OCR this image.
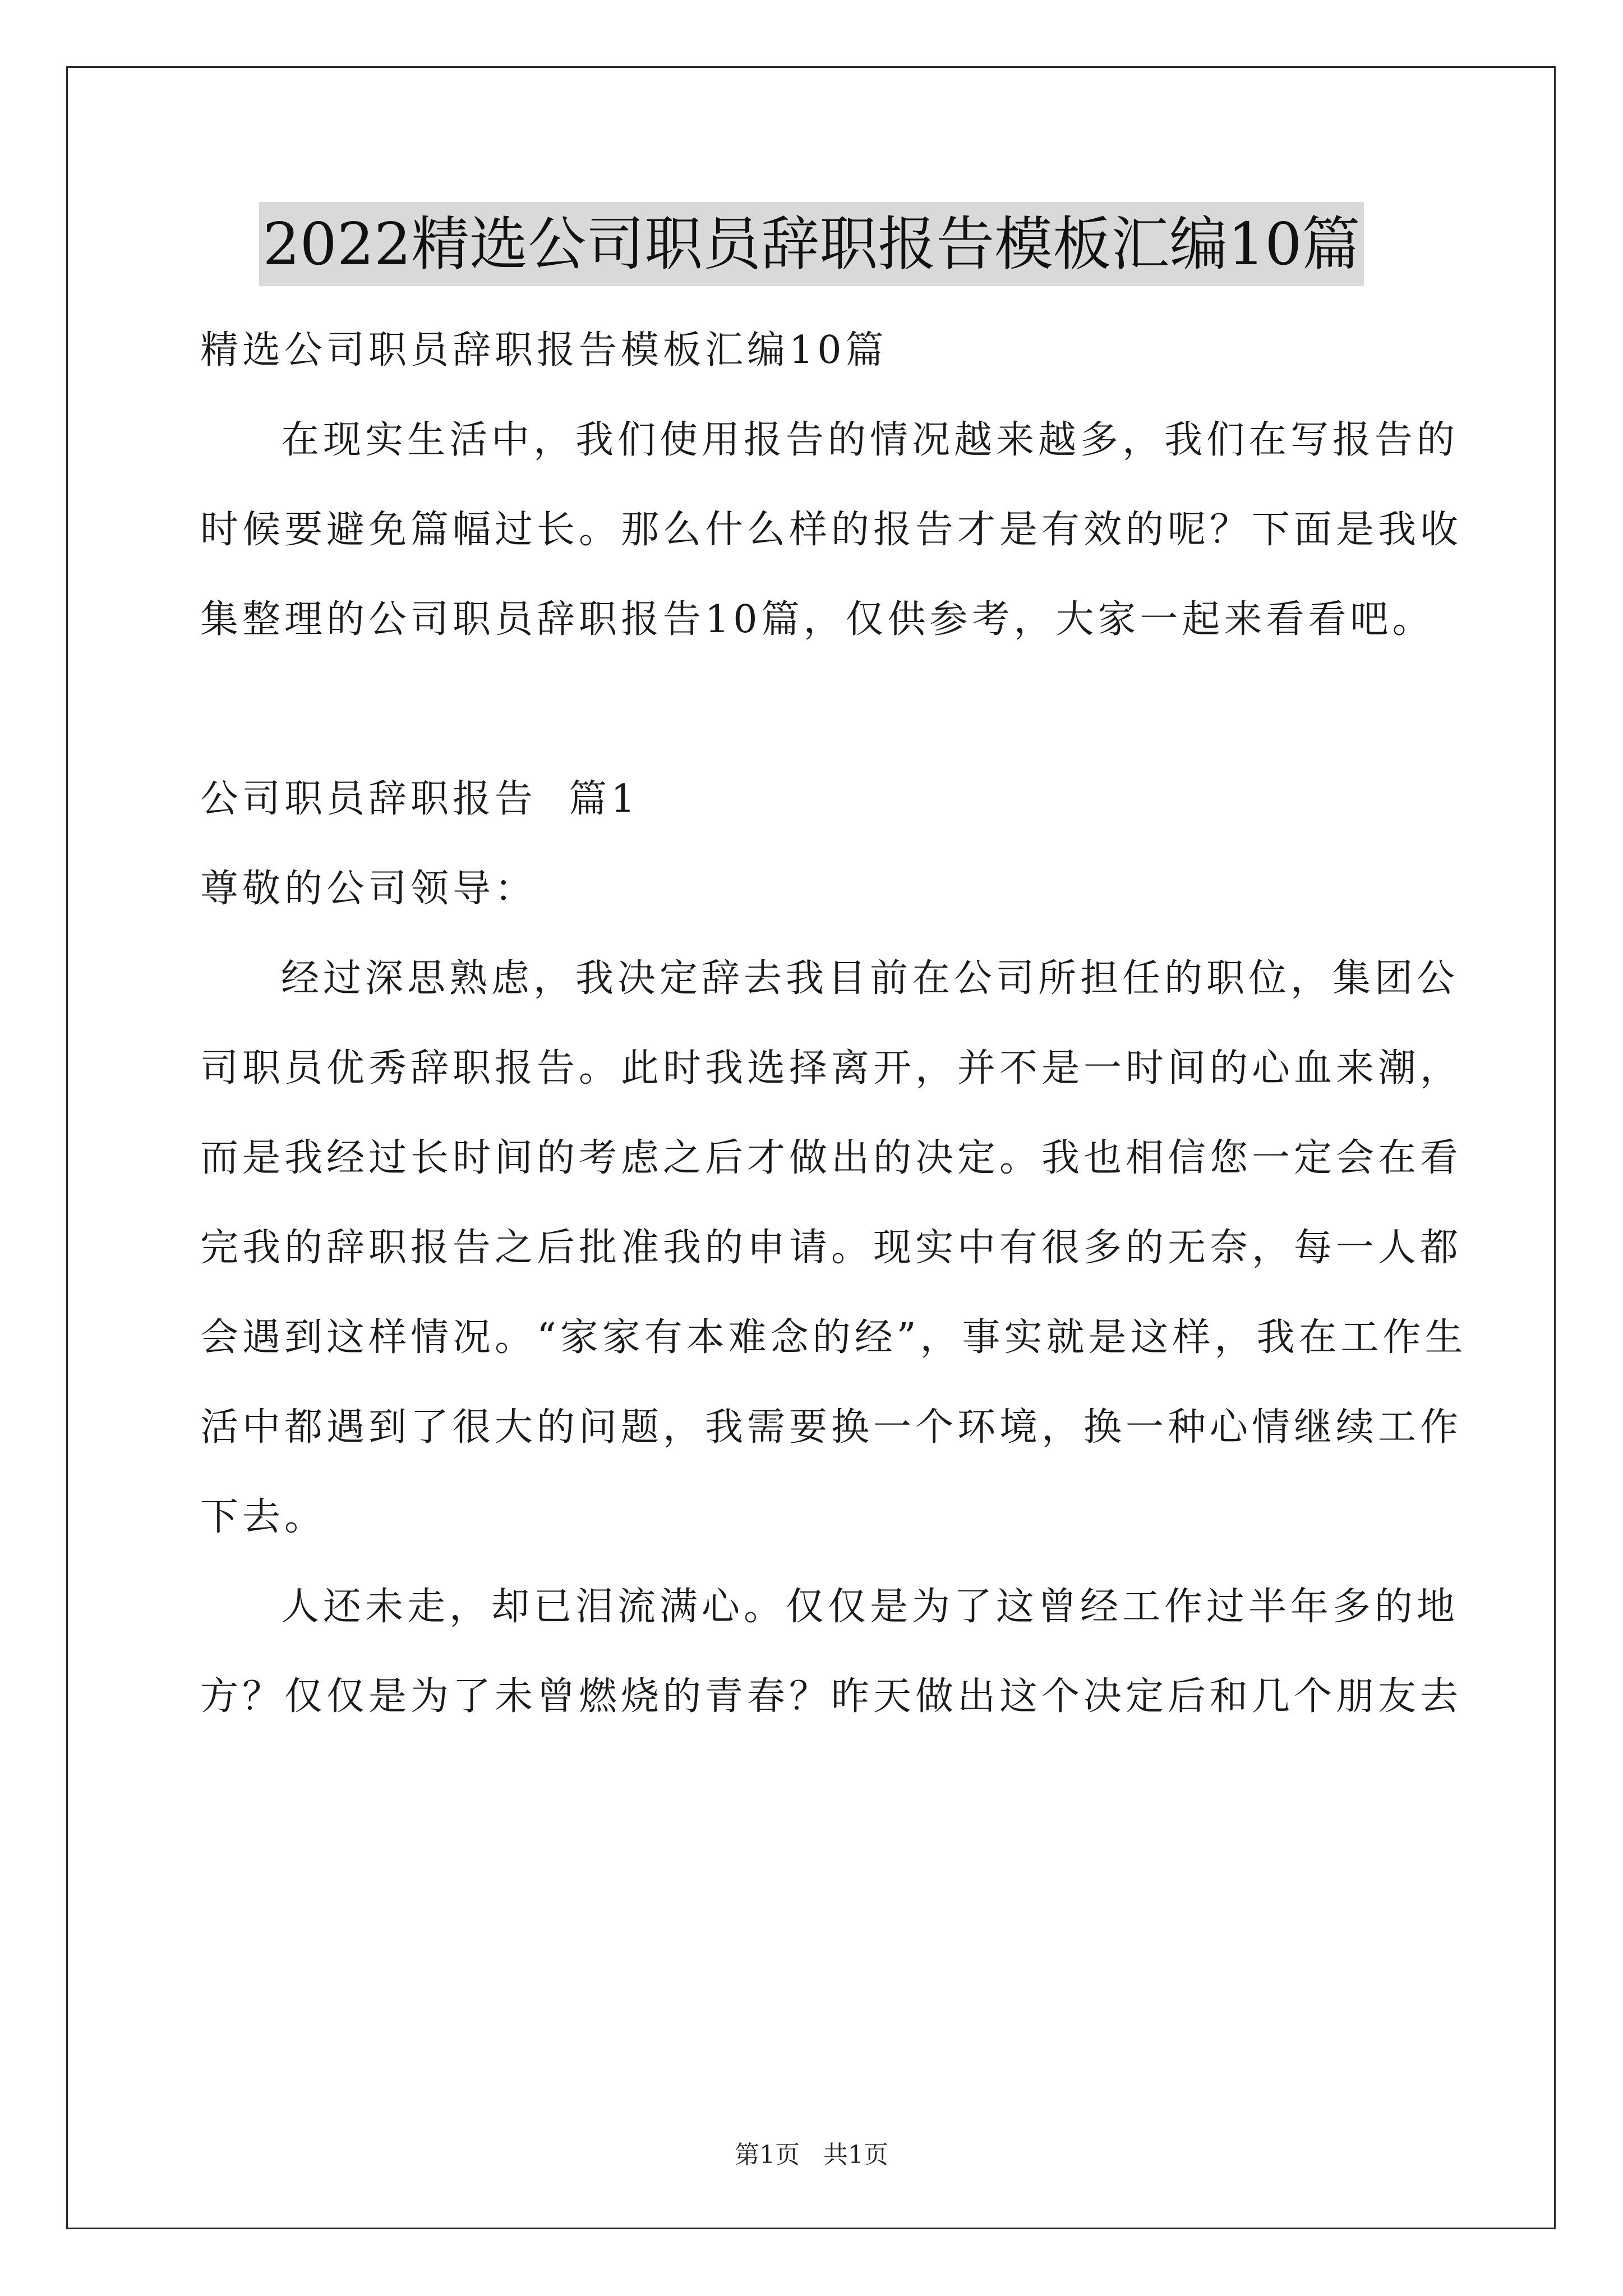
2022精选公司职员辞职报告模板汇编10篇
精选公司职员辞职报告模板汇编10篇
在现实生活中，我们使用报告的情况越来越多，我们在写报告的
时候要避免篇幅过长。那么什么样的报告才是有效的呢？下面是我收
集整理的公司职员辞职报告10篇，仅供参考，大家一起来看看吧。
公司职员辞职报告  篇1
尊敬的公司领导：
经过深思熟虑，我决定辞去我目前在公司所担任的职位，集团公
司职员优秀辞职报告。此时我选择离开，并不是一时间的心血来潮，
而是我经过长时间的考虑之后才做出的决定。我也相信您一定会在看
完我的辞职报告之后批准我的申请。现实中有很多的无奈，每一人都
会遇到这样情况。“家家有本难念的经”，事实就是这样，我在工作生
活中都遇到了很大的问题，我需要换一个环境，换一种心情继续工作
下去。
人还未走，却已泪流满心。仅仅是为了这曾经工作过半年多的地
方？仅仅是为了未曾燃烧的青春？昨天做出这个决定后和几个朋友去
第1页   共1页
